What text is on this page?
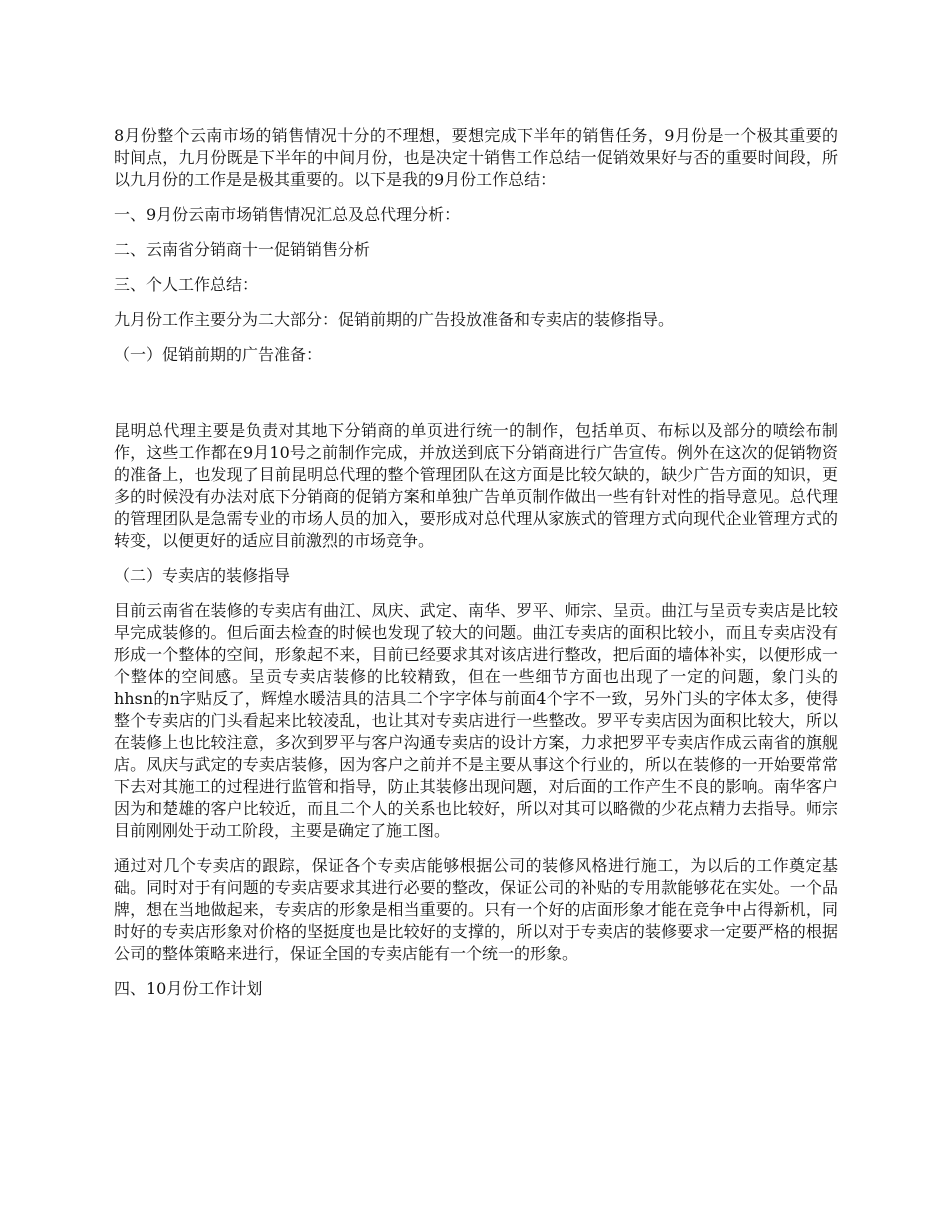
8月份整个云南市场的销售情况十分的不理想，要想完成下半年的销售任务，9月份是一个极其重要的时间点，九月份既是下半年的中间月份，也是决定十销售工作总结一促销效果好与否的重要时间段，所以九月份的工作是是极其重要的。以下是我的9月份工作总结：

一、9月份云南市场销售情况汇总及总代理分析：

二、云南省分销商十一促销销售分析

三、个人工作总结：

九月份工作主要分为二大部分：促销前期的广告投放准备和专卖店的装修指导。

（一）促销前期的广告准备：

昆明总代理主要是负责对其地下分销商的单页进行统一的制作，包括单页、布标以及部分的喷绘布制作，这些工作都在9月10号之前制作完成，并放送到底下分销商进行广告宣传。例外在这次的促销物资的准备上，也发现了目前昆明总代理的整个管理团队在这方面是比较欠缺的，缺少广告方面的知识，更多的时候没有办法对底下分销商的促销方案和单独广告单页制作做出一些有针对性的指导意见。总代理的管理团队是急需专业的市场人员的加入，要形成对总代理从家族式的管理方式向现代企业管理方式的转变，以便更好的适应目前激烈的市场竞争。

（二）专卖店的装修指导

目前云南省在装修的专卖店有曲江、凤庆、武定、南华、罗平、师宗、呈贡。曲江与呈贡专卖店是比较早完成装修的。但后面去检查的时候也发现了较大的问题。曲江专卖店的面积比较小，而且专卖店没有形成一个整体的空间，形象起不来，目前已经要求其对该店进行整改，把后面的墙体补实，以便形成一个整体的空间感。呈贡专卖店装修的比较精致，但在一些细节方面也出现了一定的问题，象门头的hhsn的n字贴反了，辉煌水暖洁具的洁具二个字字体与前面4个字不一致，另外门头的字体太多，使得整个专卖店的门头看起来比较凌乱，也让其对专卖店进行一些整改。罗平专卖店因为面积比较大，所以在装修上也比较注意，多次到罗平与客户沟通专卖店的设计方案，力求把罗平专卖店作成云南省的旗舰店。凤庆与武定的专卖店装修，因为客户之前并不是主要从事这个行业的，所以在装修的一开始要常常下去对其施工的过程进行监管和指导，防止其装修出现问题，对后面的工作产生不良的影响。南华客户因为和楚雄的客户比较近，而且二个人的关系也比较好，所以对其可以略微的少花点精力去指导。师宗目前刚刚处于动工阶段，主要是确定了施工图。

通过对几个专卖店的跟踪，保证各个专卖店能够根据公司的装修风格进行施工，为以后的工作奠定基础。同时对于有问题的专卖店要求其进行必要的整改，保证公司的补贴的专用款能够花在实处。一个品牌，想在当地做起来，专卖店的形象是相当重要的。只有一个好的店面形象才能在竞争中占得新机，同时好的专卖店形象对价格的坚挺度也是比较好的支撑的，所以对于专卖店的装修要求一定要严格的根据公司的整体策略来进行，保证全国的专卖店能有一个统一的形象。

四、10月份工作计划
